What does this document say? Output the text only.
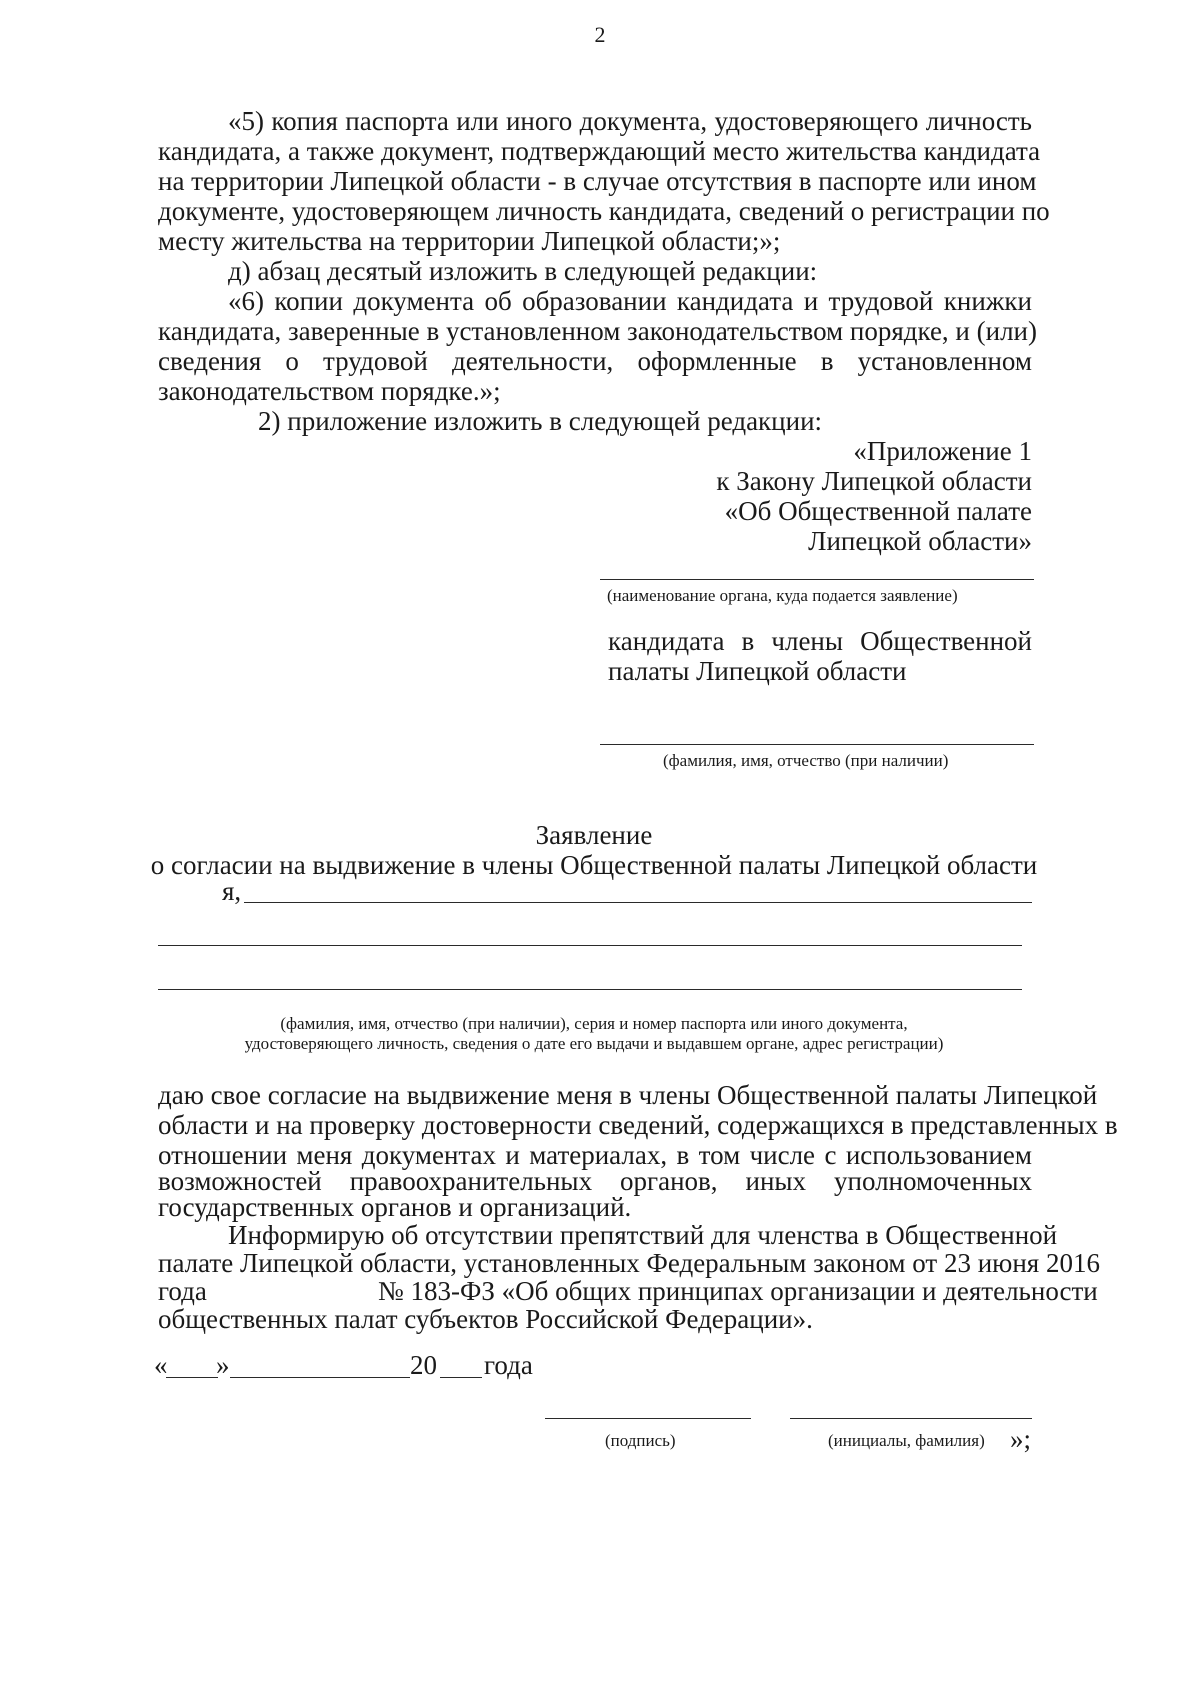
2
«5) копия паспорта или иного документа, удостоверяющего личность
кандидата, а также документ, подтверждающий место жительства кандидата
на территории Липецкой области - в случае отсутствия в паспорте или ином
документе, удостоверяющем личность кандидата, сведений о регистрации по
месту жительства на территории Липецкой области;»;
д) абзац десятый изложить в следующей редакции:
«6) копии документа об образовании кандидата и трудовой книжки
кандидата, заверенные в установленном законодательством порядке, и (или)
сведения о трудовой деятельности, оформленные в установленном
законодательством порядке.»;
2) приложение изложить в следующей редакции:
«Приложение 1
к Закону Липецкой области
«Об Общественной палате
Липецкой области»
(наименование органа, куда подается заявление)
кандидата в члены Общественной
палаты Липецкой области
(фамилия, имя, отчество (при наличии)
Заявление
о согласии на выдвижение в члены Общественной палаты Липецкой области
я,
(фамилия, имя, отчество (при наличии), серия и номер паспорта или иного документа,
удостоверяющего личность, сведения о дате его выдачи и выдавшем органе, адрес регистрации)
даю свое согласие на выдвижение меня в члены Общественной палаты Липецкой
области и на проверку достоверности сведений, содержащихся в представленных в
отношении меня документах и материалах, в том числе с использованием
возможностей правоохранительных органов, иных уполномоченных
государственных органов и организаций.
Информирую об отсутствии препятствий для членства в Общественной
палате Липецкой области, установленных Федеральным законом от 23 июня 2016
года	№ 183-ФЗ «Об общих принципах организации и деятельности
общественных палат субъектов Российской Федерации».
« »	20 года
(подпись)	(инициалы, фамилия) »;
